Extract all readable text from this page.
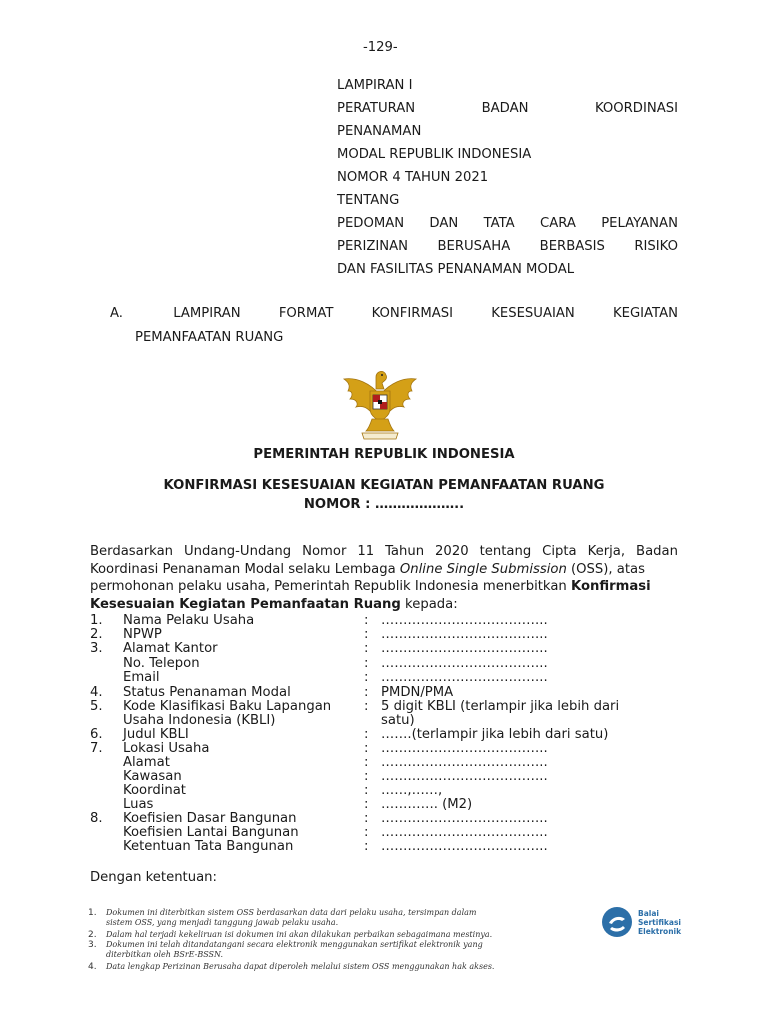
-129-
LAMPIRAN I
PERATURAN	BADAN	KOORDINASI
PENANAMAN
MODAL REPUBLIK INDONESIA
NOMOR 4 TAHUN 2021
TENTANG
PEDOMAN DAN TATA CARA PELAYANAN
PERIZINAN BERUSAHA BERBASIS RISIKO
DAN FASILITAS PENANAMAN MODAL
A.	LAMPIRAN	FORMAT	KONFIRMASI	KESESUAIAN	KEGIATAN
PEMANFAATAN RUANG
PEMERINTAH REPUBLIK INDONESIA
KONFIRMASI KESESUAIAN KEGIATAN PEMANFAATAN RUANG
NOMOR : ………………..
Berdasarkan Undang-Undang Nomor 11 Tahun 2020 tentang Cipta Kerja, Badan
Koordinasi Penanaman Modal selaku Lembaga Online Single Submission (OSS), atas
permohonan pelaku usaha, Pemerintah Republik Indonesia menerbitkan Konfirmasi
Kesesuaian Kegiatan Pemanfaatan Ruang kepada:
1. Nama Pelaku Usaha	: ………………………………..
2. NPWP	: ………………………………..
3. Alamat Kantor	: ………………………………..
No. Telepon	: ………………………………..
Email	: ………………………………..
4. Status Penanaman Modal	: PMDN/PMA
5. Kode Klasifikasi Baku Lapangan : 5 digit KBLI (terlampir jika lebih dari
Usaha Indonesia (KBLI)	satu)
6. Judul KBLI	: …….(terlampir jika lebih dari satu)
7. Lokasi Usaha	: ………………………………..
Alamat	: ………………………………..
Kawasan	: ………………………………..
Koordinat	: ……,……,
Luas	: …………. (M2)
8. Koefisien Dasar Bangunan	: ………………………………..
Koefisien Lantai Bangunan	: ………………………………..
Ketentuan Tata Bangunan	: ………………………………..
Dengan ketentuan:
1. Dokumen ini diterbitkan sistem OSS berdasarkan data dari pelaku usaha, tersimpan dalam
sistem OSS, yang menjadi tanggung jawab pelaku usaha.
2. Dalam hal terjadi kekeliruan isi dokumen ini akan dilakukan perbaikan sebagaimana mestinya.
3. Dokumen ini telah ditandatangani secara elektronik menggunakan sertifikat elektronik yang
diterbitkan oleh BSrE-BSSN.
4. Data lengkap Perizinan Berusaha dapat diperoleh melalui sistem OSS menggunakan hak akses.
Balai
Sertifikasi
Elektronik
